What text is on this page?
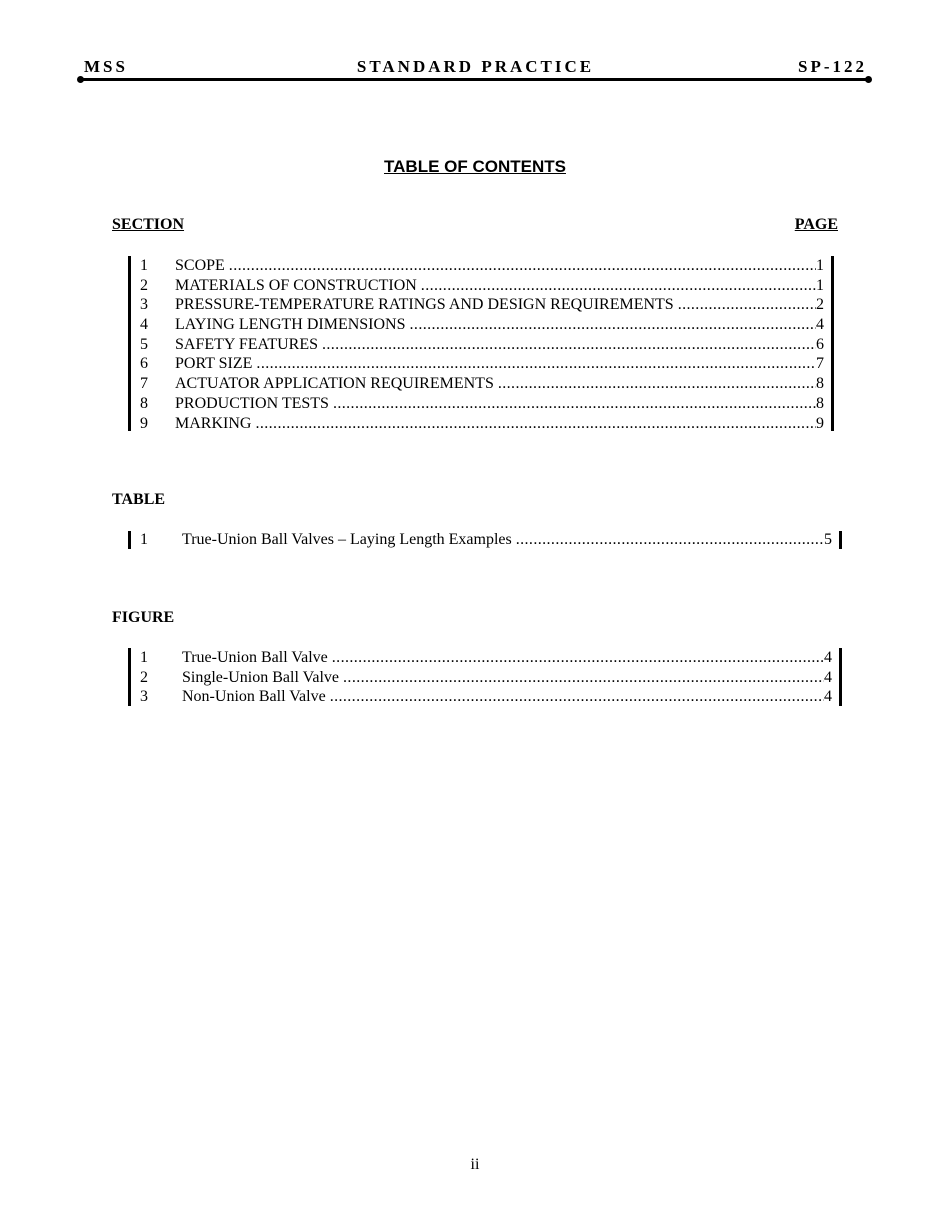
MSS	STANDARD PRACTICE	SP-122
TABLE OF CONTENTS
SECTION	PAGE
1 SCOPE .....	1
2 MATERIALS OF CONSTRUCTION .....	1
3 PRESSURE-TEMPERATURE RATINGS AND DESIGN REQUIREMENTS .....	2
4 LAYING LENGTH DIMENSIONS .....	4
5 SAFETY FEATURES .....	6
6 PORT SIZE .....	7
7 ACTUATOR APPLICATION REQUIREMENTS .....	8
8 PRODUCTION TESTS .....	8
9 MARKING .....	9
TABLE
1 True-Union Ball Valves – Laying Length Examples .....	5
FIGURE
1 True-Union Ball Valve .....	4
2 Single-Union Ball Valve .....	4
3 Non-Union Ball Valve .....	4
ii
